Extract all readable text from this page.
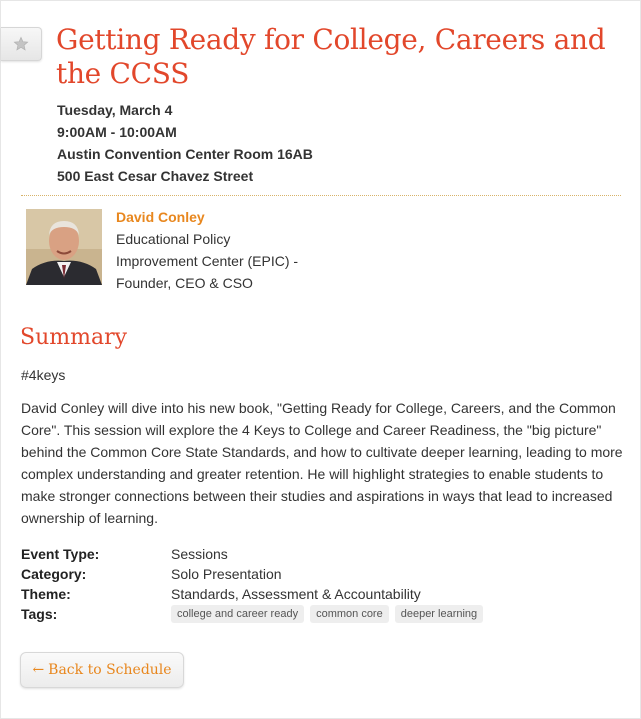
Getting Ready for College, Careers and the CCSS
Tuesday, March 4
9:00AM - 10:00AM
Austin Convention Center Room 16AB
500 East Cesar Chavez Street
David Conley
Educational Policy
Improvement Center (EPIC) -
Founder, CEO & CSO
Summary
#4keys

David Conley will dive into his new book, "Getting Ready for College, Careers, and the Common Core". This session will explore the 4 Keys to College and Career Readiness, the "big picture" behind the Common Core State Standards, and how to cultivate deeper learning, leading to more complex understanding and greater retention. He will highlight strategies to enable students to make stronger connections between their studies and aspirations in ways that lead to increased ownership of learning.

Event Type:	Sessions
Category:	Solo Presentation
Theme:	Standards, Assessment & Accountability
Tags:	college and career ready	common core	deeper learning
← Back to Schedule
